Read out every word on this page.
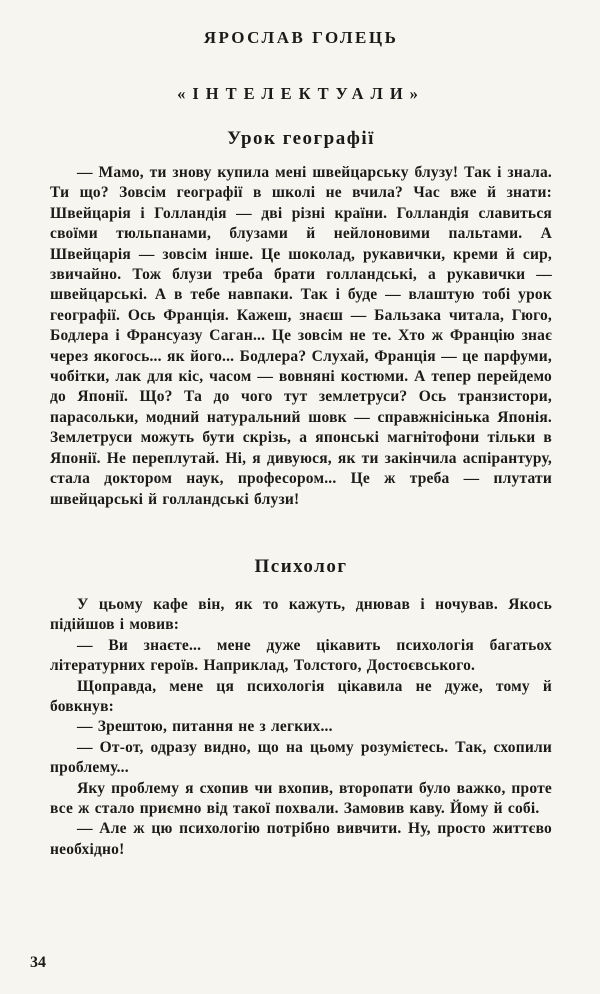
ЯРОСЛАВ ГОЛЕЦЬ
«ІНТЕЛЕКТУАЛИ»
Урок географії

— Мамо, ти знову купила мені швейцарську блузу! Так і знала. Ти що? Зовсім географії в школі не вчила? Час вже й знати: Швейцарія і Голландія — дві різні країни. Голландія славиться своїми тюльпанами, блузами й нейлоновими пальтами. А Швейцарія — зовсім інше. Це шоколад, рукавички, креми й сир, звичайно. Тож блузи треба брати голландські, а рукавички — швейцарські. А в тебе навпаки. Так і буде — влаштую тобі урок географії. Ось Франція. Кажеш, знаєш — Бальзака читала, Гюго, Бодлера і Франсуазу Саган... Це зовсім не те. Хто ж Францію знає через якогось... як його... Бодлера? Слухай, Франція — це парфуми, чобітки, лак для кіс, часом — вовняні костюми. А тепер перейдемо до Японії. Що? Та до чого тут землетруси? Ось транзистори, парасольки, модний натуральний шовк — справжнісінька Японія. Землетруси можуть бути скрізь, а японські магнітофони тільки в Японії. Не переплутай. Ні, я дивуюся, як ти закінчила аспірантуру, стала доктором наук, професором... Це ж треба — плутати швейцарські й голландські блузи!

Психолог

У цьому кафе він, як то кажуть, днював і ночував. Якось підійшов і мовив:

— Ви знаєте... мене дуже цікавить психологія багатьох літературних героїв. Наприклад, Толстого, Достоєвського.

Щоправда, мене ця психологія цікавила не дуже, тому й бовкнув:

— Зрештою, питання не з легких...

— От-от, одразу видно, що на цьому розумієтесь. Так, схопили проблему...

Яку проблему я схопив чи вхопив, второпати було важко, проте все ж стало приємно від такої похвали. Замовив каву. Йому й собі.

— Але ж цю психологію потрібно вивчити. Ну, просто життєво необхідно!

34
